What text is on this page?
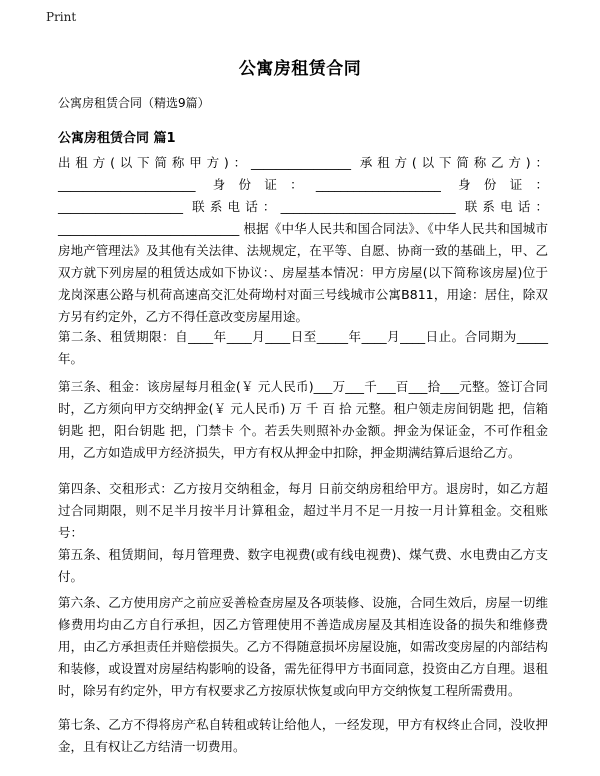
Print
公寓房租赁合同
公寓房租赁合同（精选9篇）
公寓房租赁合同 篇1

出租方(以下简称甲方)：________________ 承租方(以下简称乙方)：______________________ 身份证：____________________ 身份证：____________________ 联系电话：____________________________ 联系电话：_____________________________ 根据《中华人民共和国合同法》、《中华人民共和国城市房地产管理法》及其他有关法律、法规规定，在平等、自愿、协商一致的基础上，甲、乙双方就下列房屋的租赁达成如下协议：、房屋基本情况：甲方房屋(以下简称该房屋)位于龙岗深惠公路与机荷高速高交汇处荷坳村对面三号线城市公寓B811，用途：居住，除双方另有约定外，乙方不得任意改变房屋用途。

第二条、租赁期限：自____年____月____日至_____年____月____日止。合同期为_____年。

第三条、租金：该房屋每月租金(￥ 元人民币)___万___千___百___拾___元整。签订合同时，乙方须向甲方交纳押金(￥ 元人民币) 万 千 百 拾 元整。租户领走房间钥匙 把，信箱钥匙 把，阳台钥匙 把，门禁卡 个。若丢失则照补办金额。押金为保证金，不可作租金用，乙方如造成甲方经济损失，甲方有权从押金中扣除，押金期满结算后退给乙方。

第四条、交租形式：乙方按月交纳租金，每月 日前交纳房租给甲方。退房时，如乙方超过合同期限，则不足半月按半月计算租金，超过半月不足一月按一月计算租金。交租账号：

第五条、租赁期间，每月管理费、数字电视费(或有线电视费)、煤气费、水电费由乙方支付。

第六条、乙方使用房产之前应妥善检查房屋及各项装修、设施，合同生效后，房屋一切维修费用均由乙方自行承担，因乙方管理使用不善造成房屋及其相连设备的损失和维修费用，由乙方承担责任并赔偿损失。乙方不得随意损坏房屋设施，如需改变房屋的内部结构和装修，或设置对房屋结构影响的设备，需先征得甲方书面同意，投资由乙方自理。退租时，除另有约定外，甲方有权要求乙方按原状恢复或向甲方交纳恢复工程所需费用。

第七条、乙方不得将房产私自转租或转让给他人，一经发现，甲方有权终止合同，没收押金，且有权让乙方结清一切费用。
